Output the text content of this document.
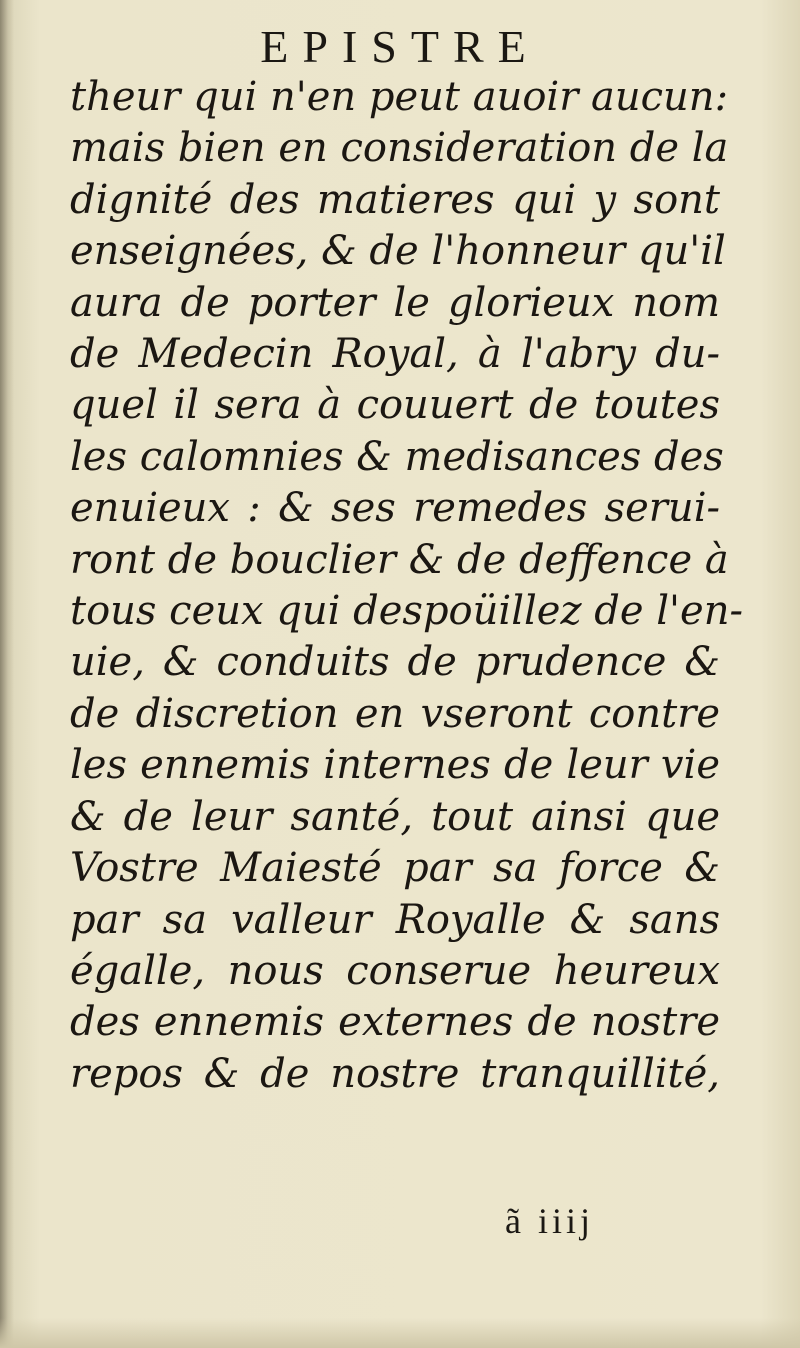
EPISTRE
theur qui n'en peut auoir aucun:
mais bien en consideration de la
dignité des matieres qui y sont
enseignées, & de l'honneur qu'il
aura de porter le glorieux nom
de Medecin Royal, à l'abry du-
quel il sera à couuert de toutes
les calomnies & medisances des
enuieux : & ses remedes serui-
ront de bouclier & de deffence à
tous ceux qui despoüillez de l'en-
uie, & conduits de prudence &
de discretion en vseront contre
les ennemis internes de leur vie
& de leur santé, tout ainsi que
Vostre Maiesté par sa force &
par sa valleur Royalle & sans
égalle, nous conserue heureux
des ennemis externes de nostre
repos & de nostre tranquillité,
ã iiij
